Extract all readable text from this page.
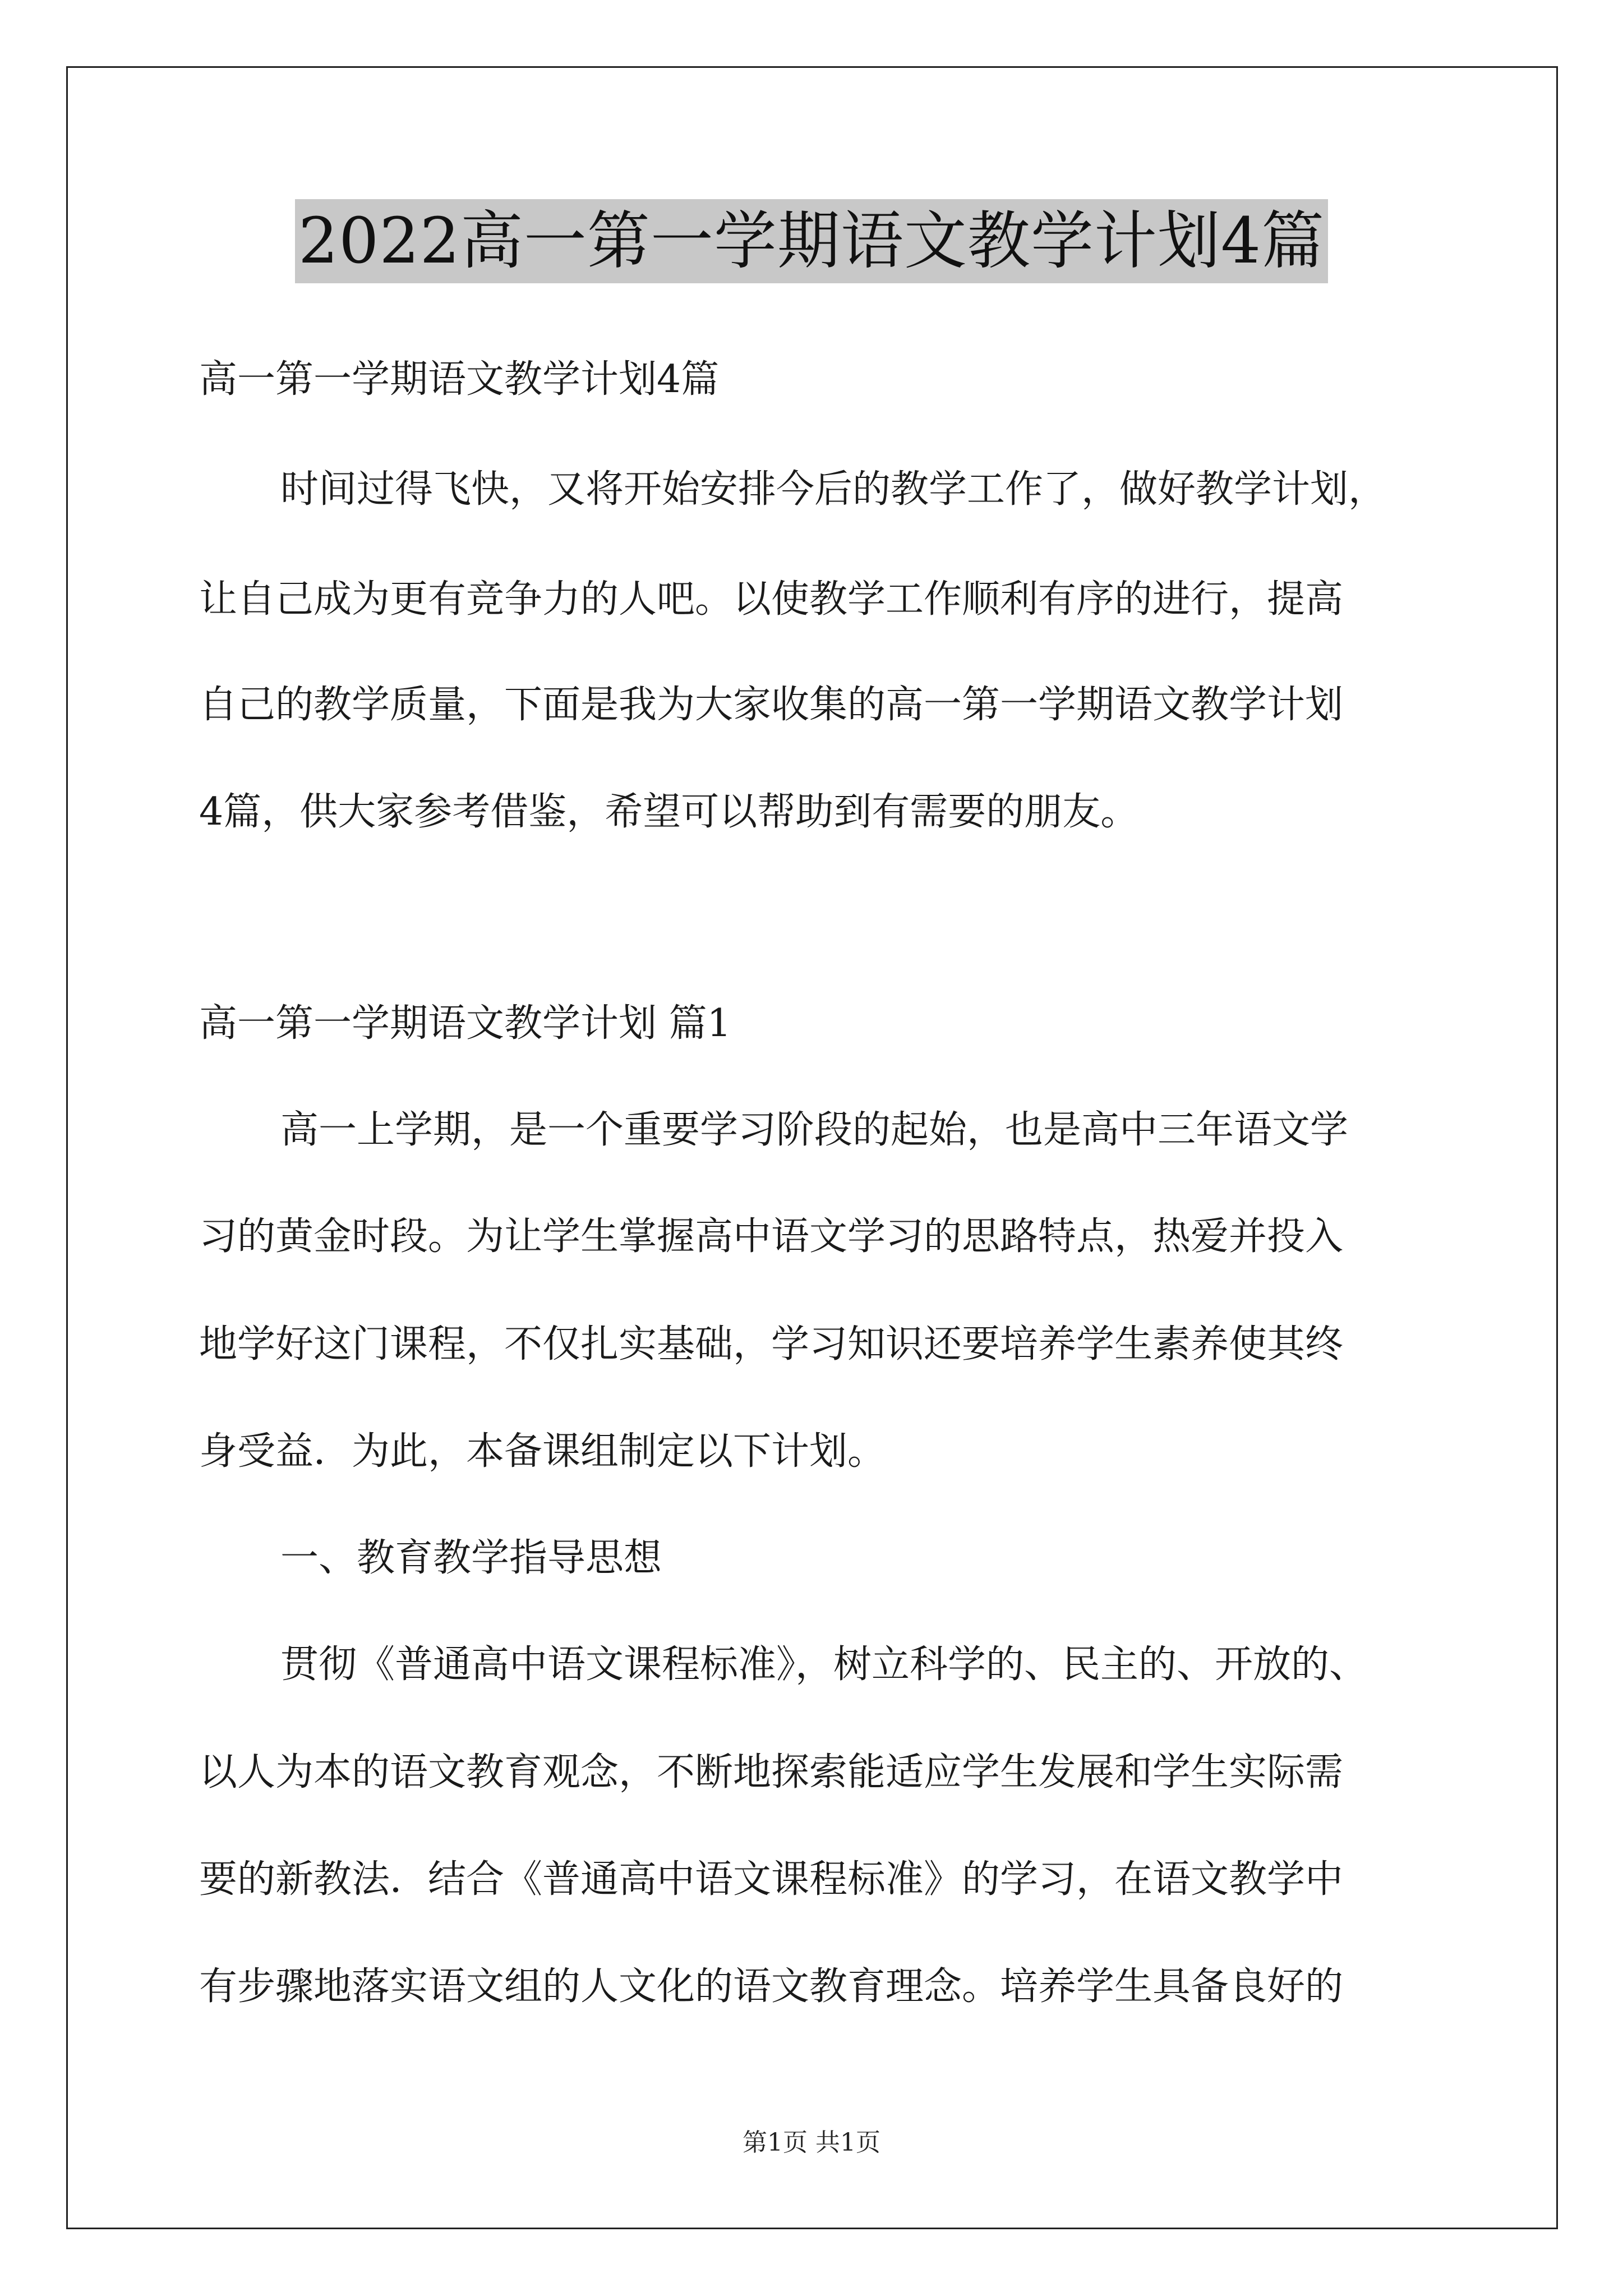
2022高一第一学期语文教学计划4篇
高一第一学期语文教学计划4篇
时间过得飞快，又将开始安排今后的教学工作了，做好教学计划，
让自己成为更有竞争力的人吧。以使教学工作顺利有序的进行，提高
自己的教学质量，下面是我为大家收集的高一第一学期语文教学计划
4篇，供大家参考借鉴，希望可以帮助到有需要的朋友。
高一第一学期语文教学计划 篇1
高一上学期，是一个重要学习阶段的起始，也是高中三年语文学
习的黄金时段。为让学生掌握高中语文学习的思路特点，热爱并投入
地学好这门课程，不仅扎实基础，学习知识还要培养学生素养使其终
身受益．为此，本备课组制定以下计划。
一、教育教学指导思想
贯彻《普通高中语文课程标准》，树立科学的、民主的、开放的、
以人为本的语文教育观念，不断地探索能适应学生发展和学生实际需
要的新教法．结合《普通高中语文课程标准》的学习，在语文教学中
有步骤地落实语文组的人文化的语文教育理念。培养学生具备良好的
第1页 共1页
